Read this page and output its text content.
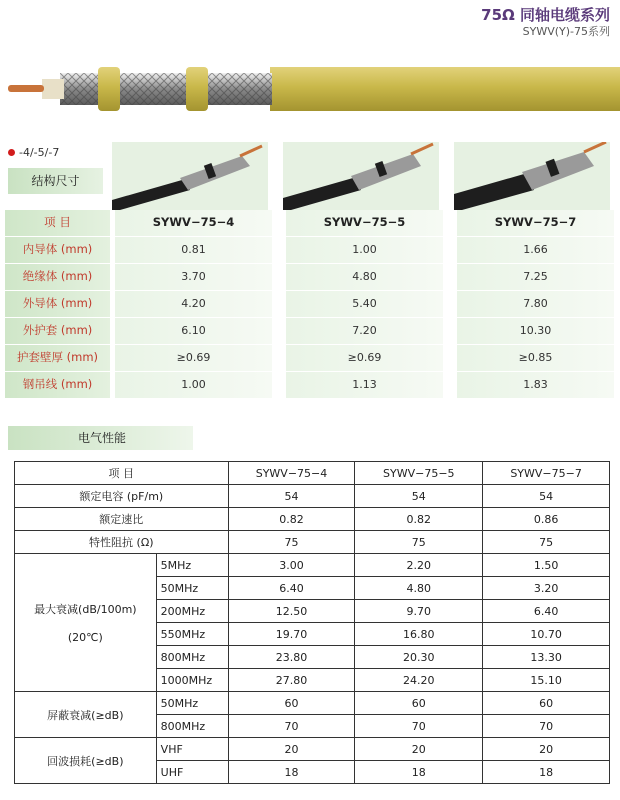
75Ω 同轴电缆系列
SYWV(Y)-75系列
-4/-5/-7
结构尺寸
项 目	SYWV−75−4	SYWV−75−5	SYWV−75−7
内导体 (mm)	0.81	1.00	1.66
绝缘体 (mm)	3.70	4.80	7.25
外导体 (mm)	4.20	5.40	7.80
外护套 (mm)	6.10	7.20	10.30
护套壁厚 (mm)	≥0.69	≥0.69	≥0.85
钢吊线 (mm)	1.00	1.13	1.83
电气性能
项 目		SYWV−75−4	SYWV−75−5	SYWV−75−7
额定电容 (pF/m)		54	54	54
额定速比		0.82	0.82	0.86
特性阻抗 (Ω)		75	75	75

最大衰减(dB/100m)
(20℃)	5MHz	3.00	2.20	1.50
	50MHz	6.40	4.80	3.20
	200MHz	12.50	9.70	6.40
	550MHz	19.70	16.80	10.70
	800MHz	23.80	20.30	13.30
	1000MHz	27.80	24.20	15.10
屏蔽衰减(≥dB)	50MHz	60	60	60
	800MHz	70	70	70
回波损耗(≥dB)	VHF	20	20	20
	UHF	18	18	18
